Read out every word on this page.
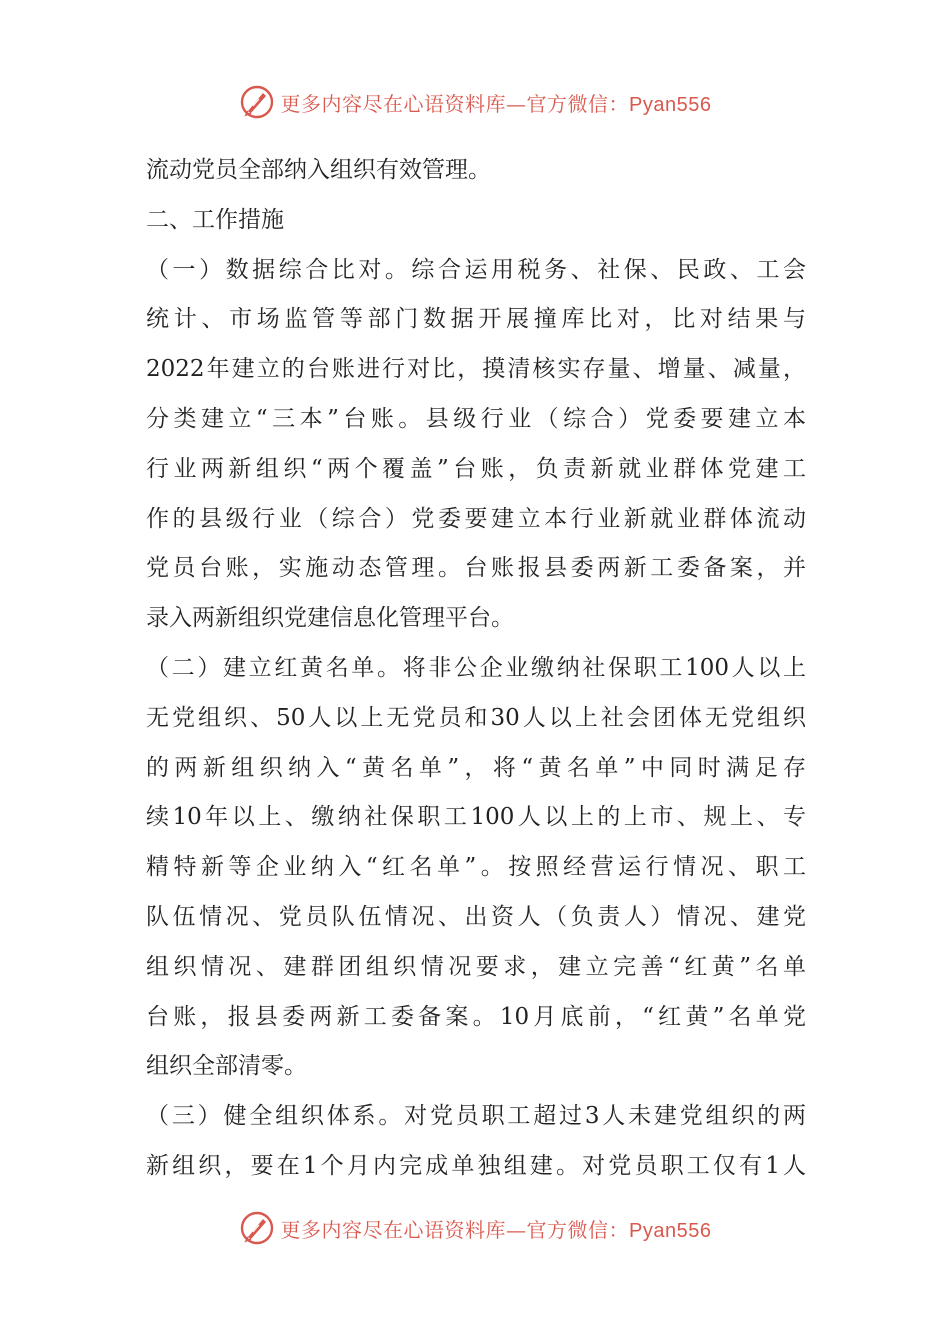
更多内容尽在心语资料库—官方微信：Pyan556
流动党员全部纳入组织有效管理。
二、工作措施
（一）数据综合比对。综合运用税务、社保、民政、工会
统计、市场监管等部门数据开展撞库比对，比对结果与
2022年建立的台账进行对比，摸清核实存量、增量、减量，
分类建立“三本”台账。县级行业（综合）党委要建立本
行业两新组织“两个覆盖”台账，负责新就业群体党建工
作的县级行业（综合）党委要建立本行业新就业群体流动
党员台账，实施动态管理。台账报县委两新工委备案，并
录入两新组织党建信息化管理平台。
（二）建立红黄名单。将非公企业缴纳社保职工100人以上
无党组织、50人以上无党员和30人以上社会团体无党组织
的两新组织纳入“黄名单”，将“黄名单”中同时满足存
续10年以上、缴纳社保职工100人以上的上市、规上、专
精特新等企业纳入“红名单”。按照经营运行情况、职工
队伍情况、党员队伍情况、出资人（负责人）情况、建党
组织情况、建群团组织情况要求，建立完善“红黄”名单
台账，报县委两新工委备案。10月底前，“红黄”名单党
组织全部清零。
（三）健全组织体系。对党员职工超过3人未建党组织的两
新组织，要在1个月内完成单独组建。对党员职工仅有1人
更多内容尽在心语资料库—官方微信：Pyan556
